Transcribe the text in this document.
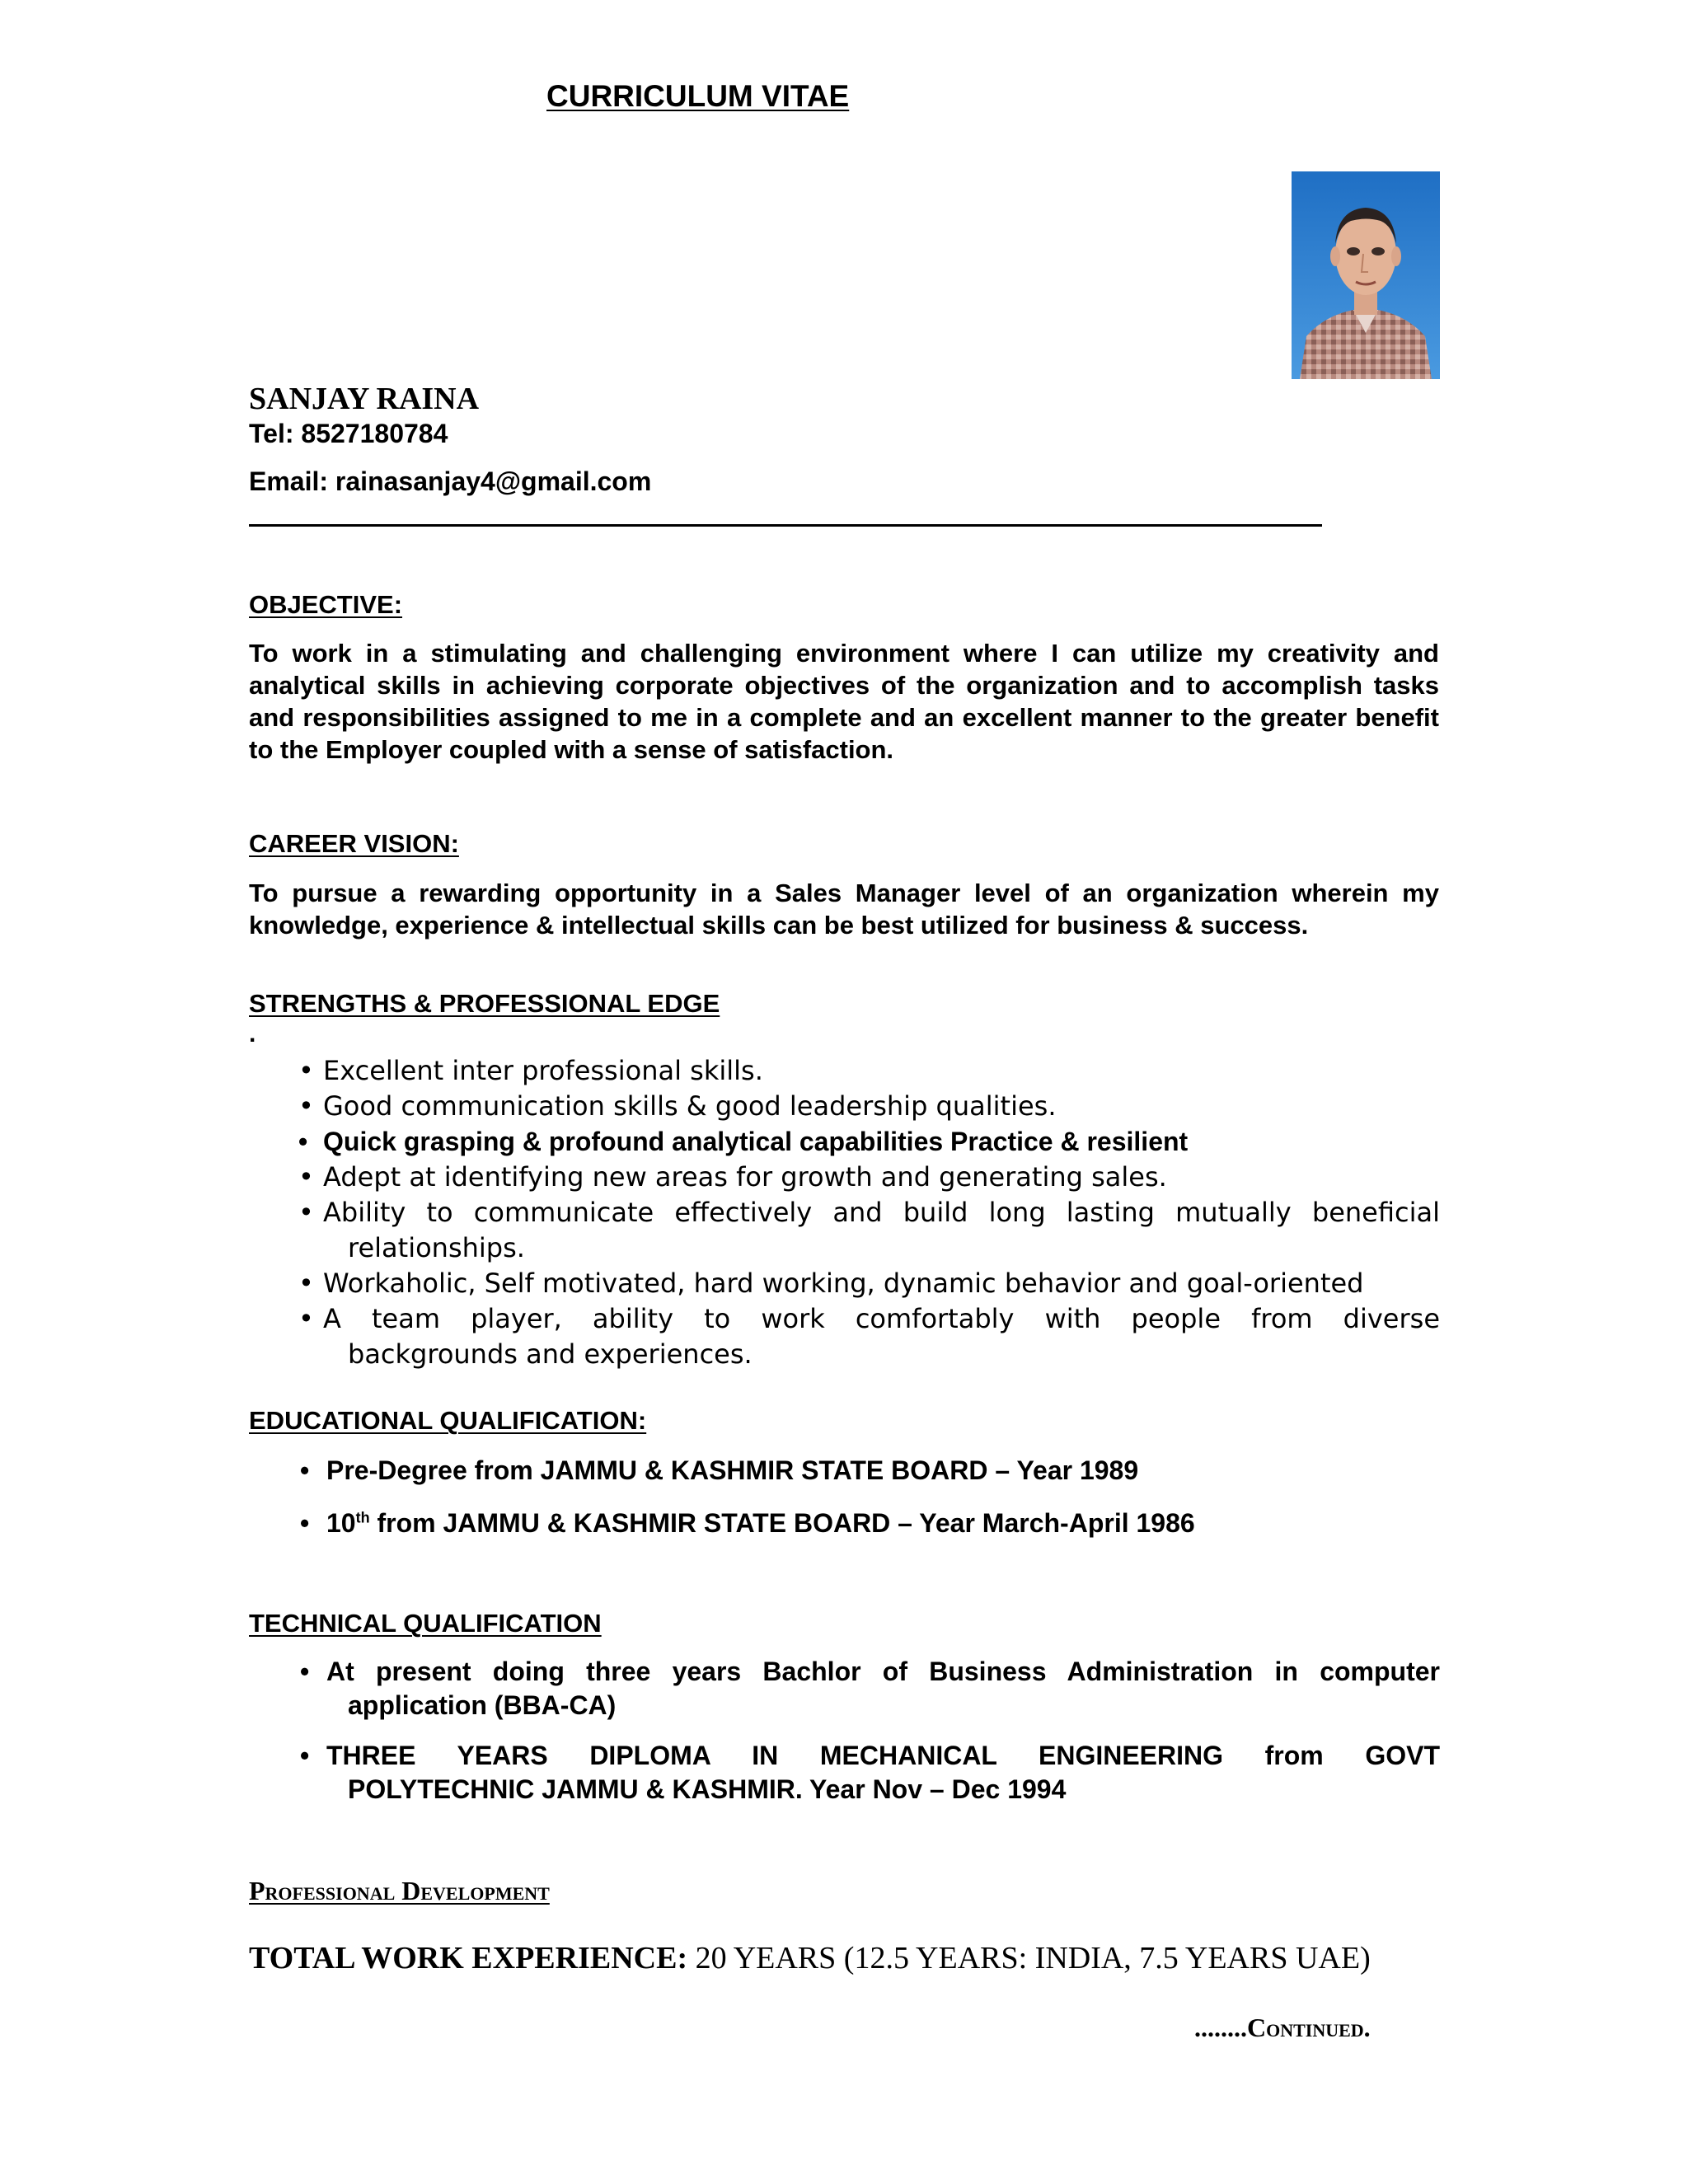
CURRICULUM VITAE
SANJAY RAINA
Tel: 8527180784
Email: rainasanjay4@gmail.com
OBJECTIVE:
To work in a stimulating and challenging environment where I can utilize my creativity and analytical skills in achieving corporate objectives of the organization and to accomplish tasks and responsibilities assigned to me in a complete and an excellent manner to the greater benefit to the Employer coupled with a sense of satisfaction.
CAREER VISION:
To pursue a rewarding opportunity in a Sales Manager level of an organization wherein my knowledge, experience & intellectual skills can be best utilized for business & success.
STRENGTHS & PROFESSIONAL EDGE
.
• Excellent inter professional skills.
• Good communication skills & good leadership qualities.
• Quick grasping & profound analytical capabilities Practice & resilient
• Adept at identifying new areas for growth and generating sales.
• Ability to communicate effectively and build long lasting mutually beneficial
relationships.
• Workaholic, Self motivated, hard working, dynamic behavior and goal-oriented
• A team player, ability to work comfortably with people from diverse
backgrounds and experiences.
EDUCATIONAL QUALIFICATION:
• Pre-Degree from JAMMU & KASHMIR STATE BOARD – Year 1989
• 10th from JAMMU & KASHMIR STATE BOARD – Year March-April 1986
TECHNICAL QUALIFICATION
• At present doing three years Bachlor of Business Administration in computer
application (BBA-CA)
• THREE YEARS DIPLOMA IN MECHANICAL ENGINEERING from GOVT
POLYTECHNIC JAMMU & KASHMIR. Year Nov – Dec 1994
Professional Development
TOTAL WORK EXPERIENCE: 20 YEARS (12.5 YEARS: INDIA, 7.5 YEARS UAE)
........Continued.
